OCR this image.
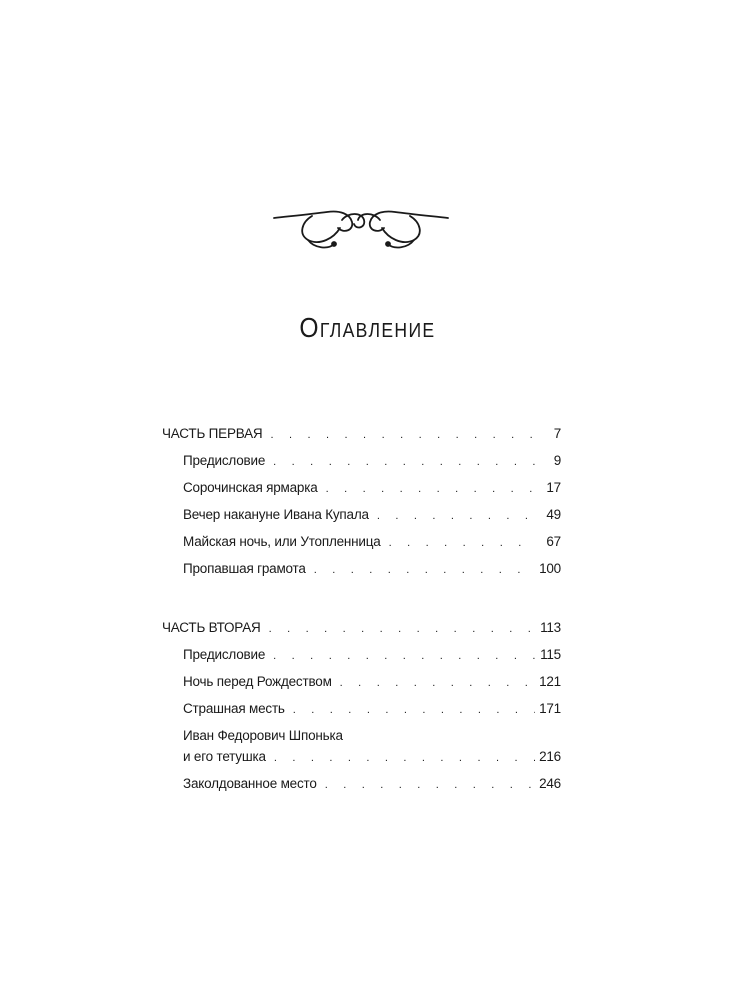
Оглавление
ЧАСТЬ ПЕРВАЯ . . .	7
Предисловие . . .	9
Сорочинская ярмарка . . .	17
Вечер накануне Ивана Купала . . .	49
Майская ночь, или Утопленница . . .	67
Пропавшая грамота . . .	100
ЧАСТЬ ВТОРАЯ . . .	113
Предисловие . . .	115
Ночь перед Рождеством . . .	121
Страшная месть . . .	171
Иван Федорович Шпонька
и его тетушка . . .	216
Заколдованное место . . .	246
